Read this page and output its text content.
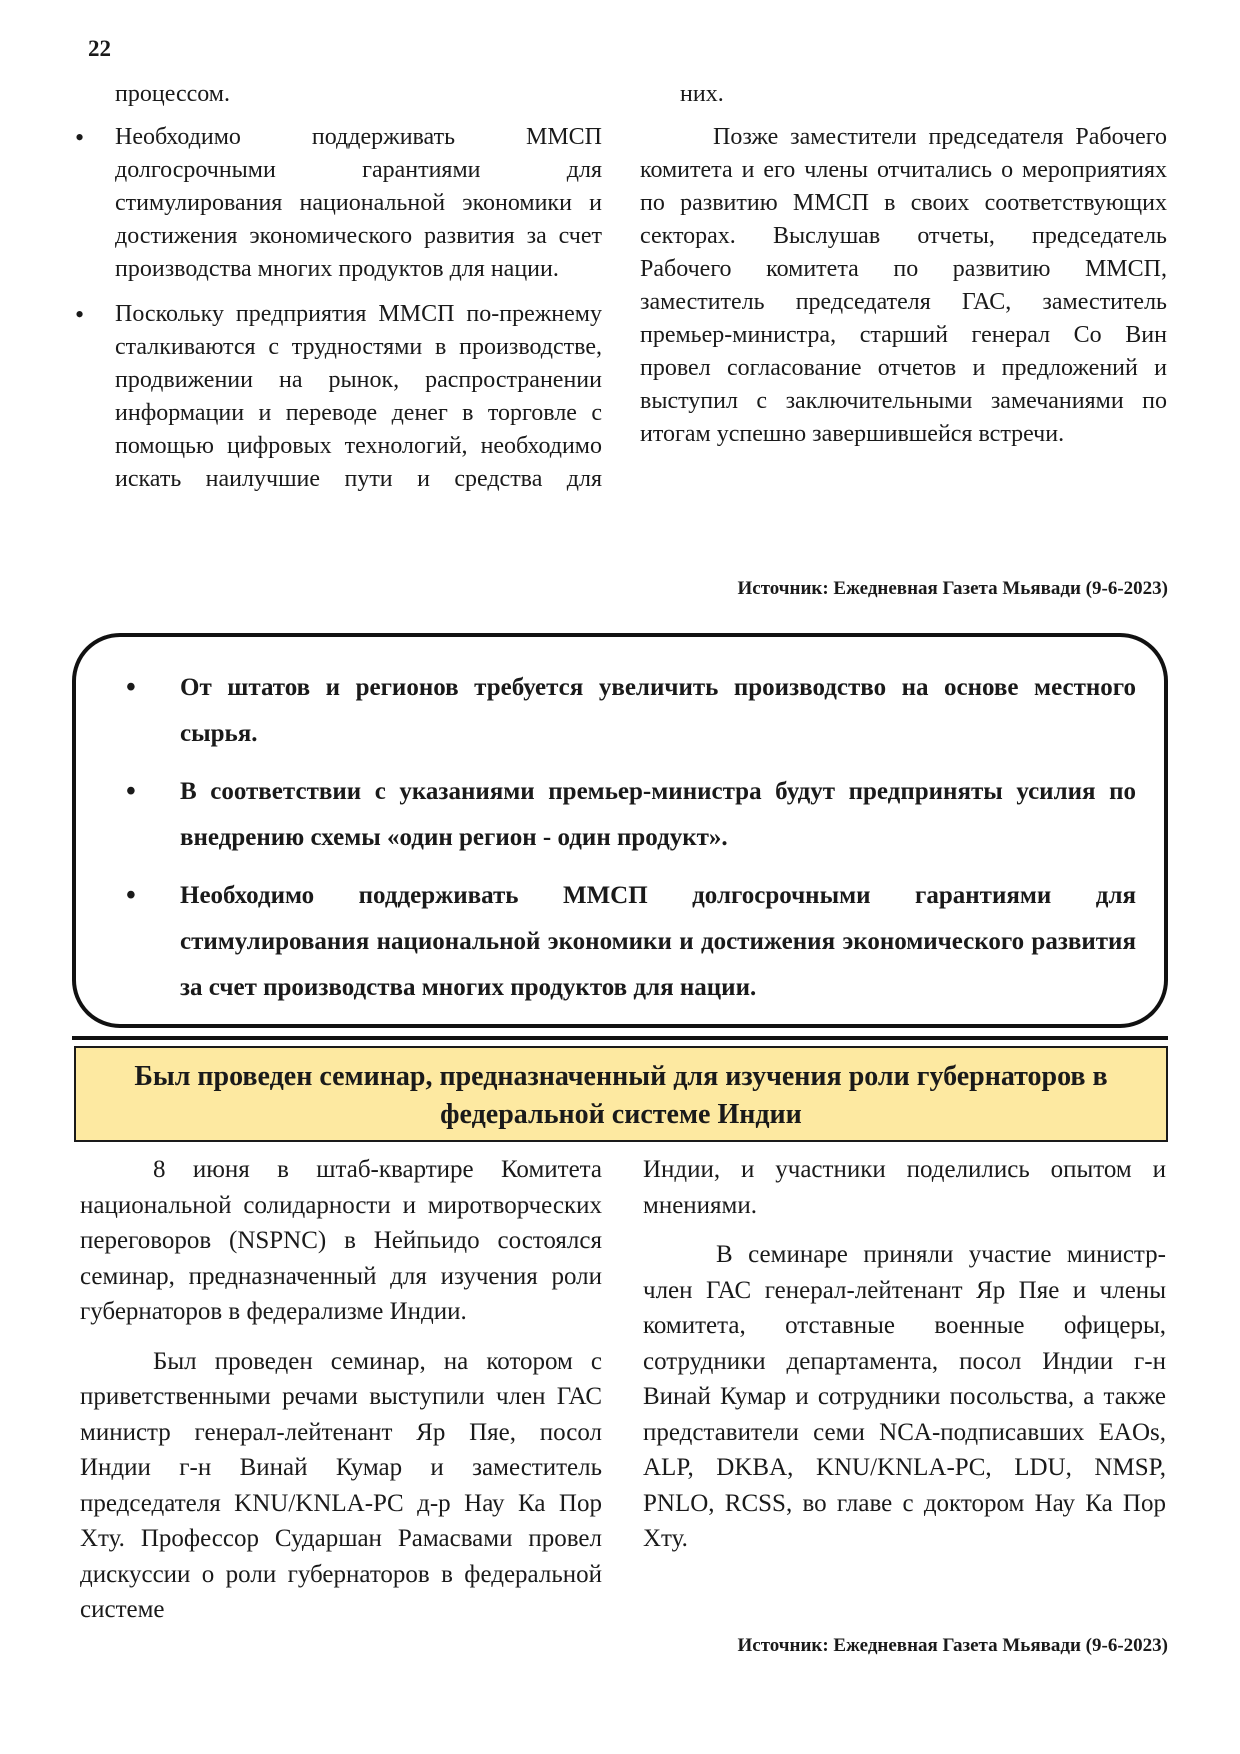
22
процессом.
• Необходимо поддерживать ММСП долгосрочными гарантиями для стимулирования национальной экономики и достижения экономического развития за счет производства многих продуктов для нации.
• Поскольку предприятия ММСП по-прежнему сталкиваются с трудностями в производстве, продвижении на рынок, распространении информации и переводе денег в торговле с помощью цифровых технологий, необходимо искать наилучшие пути и средства для
них.

Позже заместители председателя Рабочего комитета и его члены отчитались о мероприятиях по развитию ММСП в своих соответствующих секторах. Выслушав отчеты, председатель Рабочего комитета по развитию ММСП, заместитель председателя ГАС, заместитель премьер-министра, старший генерал Со Вин провел согласование отчетов и предложений и выступил с заключительными замечаниями по итогам успешно завершившейся встречи.

Источник: Ежедневная Газета Мьявади (9-6-2023)
• От штатов и регионов требуется увеличить производство на основе местного сырья.
• В соответствии с указаниями премьер-министра будут предприняты усилия по внедрению схемы «один регион - один продукт».
• Необходимо поддерживать ММСП долгосрочными гарантиями для стимулирования национальной экономики и достижения экономического развития за счет производства многих продуктов для нации.
Был проведен семинар, предназначенный для изучения роли губернаторов в федеральной системе Индии

8 июня в штаб-квартире Комитета национальной солидарности и миротворческих переговоров (NSPNC) в Нейпьидо состоялся семинар, предназначенный для изучения роли губернаторов в федерализме Индии.

Был проведен семинар, на котором с приветственными речами выступили член ГАС министр генерал-лейтенант Яр Пяе, посол Индии г-н Винай Кумар и заместитель председателя KNU/KNLA-PC д-р Нау Ка Пор Хту. Профессор Сударшан Рамасвами провел дискуссии о роли губернаторов в федеральной системе

Индии, и участники поделились опытом и мнениями.

В семинаре приняли участие министр-член ГАС генерал-лейтенант Яр Пяе и члены комитета, отставные военные офицеры, сотрудники департамента, посол Индии г-н Винай Кумар и сотрудники посольства, а также представители семи NCA-подписавших EAOs, ALP, DKBA, KNU/KNLA-PC, LDU, NMSP, PNLO, RCSS, во главе с доктором Нау Ка Пор Хту.

Источник: Ежедневная Газета Мьявади (9-6-2023)
